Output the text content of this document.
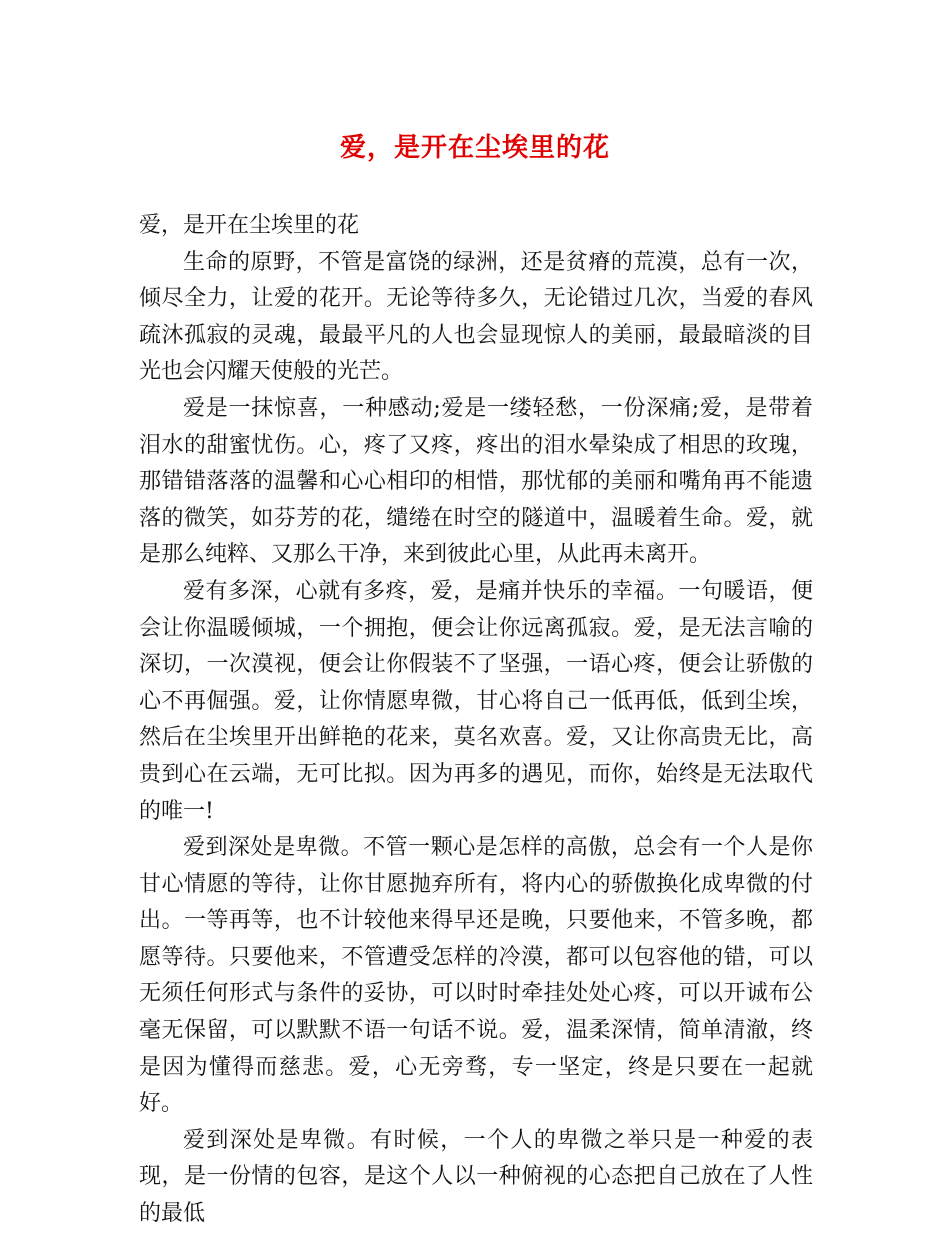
爱，是开在尘埃里的花

爱，是开在尘埃里的花

生命的原野，不管是富饶的绿洲，还是贫瘠的荒漠，总有一次，倾尽全力，让爱的花开。无论等待多久，无论错过几次，当爱的春风疏沐孤寂的灵魂，最最平凡的人也会显现惊人的美丽，最最暗淡的目光也会闪耀天使般的光芒。

爱是一抹惊喜，一种感动;爱是一缕轻愁，一份深痛;爱，是带着泪水的甜蜜忧伤。心，疼了又疼，疼出的泪水晕染成了相思的玫瑰，那错错落落的温馨和心心相印的相惜，那忧郁的美丽和嘴角再不能遗落的微笑，如芬芳的花，缱绻在时空的隧道中，温暖着生命。爱，就是那么纯粹、又那么干净，来到彼此心里，从此再未离开。

爱有多深，心就有多疼，爱，是痛并快乐的幸福。一句暖语，便会让你温暖倾城，一个拥抱，便会让你远离孤寂。爱，是无法言喻的深切，一次漠视，便会让你假装不了坚强，一语心疼，便会让骄傲的心不再倔强。爱，让你情愿卑微，甘心将自己一低再低，低到尘埃，然后在尘埃里开出鲜艳的花来，莫名欢喜。爱，又让你高贵无比，高贵到心在云端，无可比拟。因为再多的遇见，而你，始终是无法取代的唯一!

爱到深处是卑微。不管一颗心是怎样的高傲，总会有一个人是你甘心情愿的等待，让你甘愿抛弃所有，将内心的骄傲换化成卑微的付出。一等再等，也不计较他来得早还是晚，只要他来，不管多晚，都愿等待。只要他来，不管遭受怎样的冷漠，都可以包容他的错，可以无须任何形式与条件的妥协，可以时时牵挂处处心疼，可以开诚布公毫无保留，可以默默不语一句话不说。爱，温柔深情，简单清澈，终是因为懂得而慈悲。爱，心无旁骛，专一坚定，终是只要在一起就好。

爱到深处是卑微。有时候，一个人的卑微之举只是一种爱的表现，是一份情的包容，是这个人以一种俯视的心态把自己放在了人性的最低
